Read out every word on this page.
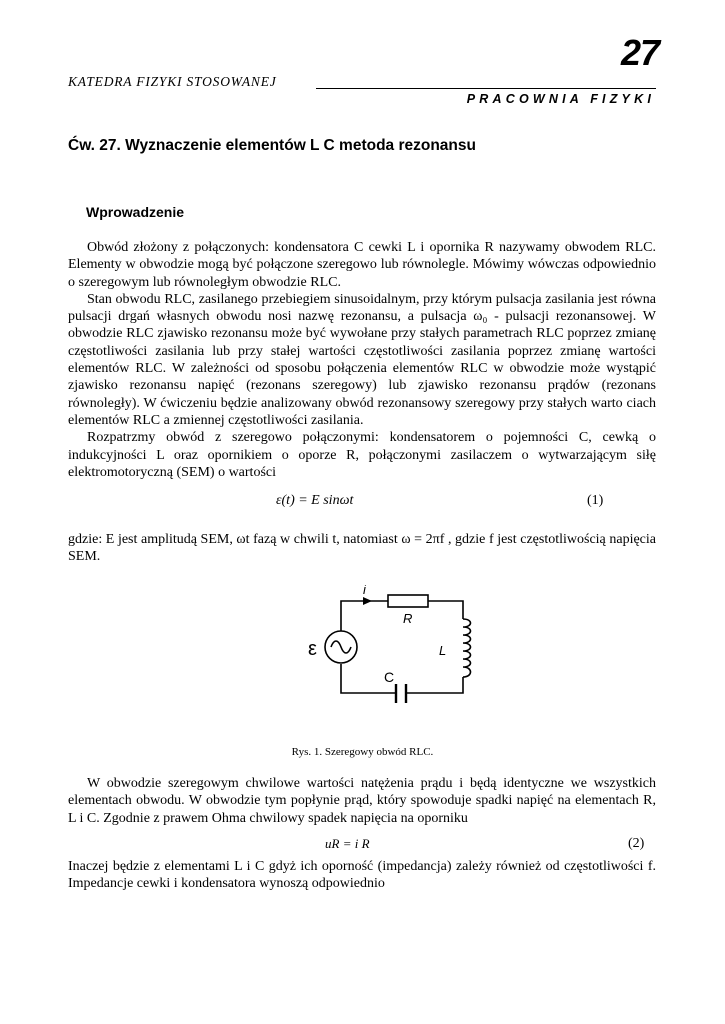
27
KATEDRA FIZYKI STOSOWANEJ
PRACOWNIA FIZYKI
Ćw. 27. Wyznaczenie elementów L C metoda rezonansu
Wprowadzenie

Obwód złożony z połączonych: kondensatora C cewki L i opornika R nazywamy obwodem RLC. Elementy w obwodzie mogą być połączone szeregowo lub równolegle. Mówimy wówczas odpowiednio o szeregowym lub równoległym obwodzie RLC.

Stan obwodu RLC, zasilanego przebiegiem sinusoidalnym, przy którym pulsacja zasilania jest równa pulsacji drgań własnych obwodu nosi nazwę rezonansu, a pulsacja ω₀ - pulsacji rezonansowej. W obwodzie RLC zjawisko rezonansu może być wywołane przy stałych parametrach RLC poprzez zmianę częstotliwości zasilania lub przy stałej wartości częstotliwości zasilania poprzez zmianę wartości elementów RLC. W zależności od sposobu połączenia elementów RLC w obwodzie może wystąpić zjawisko rezonansu napięć (rezonans szeregowy) lub zjawisko rezonansu prądów (rezonans równoległy). W ćwiczeniu będzie analizowany obwód rezonansowy szeregowy przy stałych warto ciach elementów RLC a zmiennej częstotliwości zasilania.

Rozpatrzmy obwód z szeregowo połączonymi: kondensatorem o pojemności C, cewką o indukcyjności L oraz opornikiem o oporze R, połączonymi zasilaczem o wytwarzającym siłę elektromotoryczną (SEM) o wartości

ε(t) = E sinωt	(1)

gdzie: E jest amplitudą SEM, ωt fazą w chwili t, natomiast ω = 2πf , gdzie f jest częstotliwością napięcia SEM.

i
R
L
C
ε
Rys. 1. Szeregowy obwód RLC.

W obwodzie szeregowym chwilowe wartości natężenia prądu i będą identyczne we wszystkich elementach obwodu. W obwodzie tym popłynie prąd, który spowoduje spadki napięć na elementach R, L i C. Zgodnie z prawem Ohma chwilowy spadek napięcia na oporniku

uR = i R	(2)

Inaczej będzie z elementami L i C gdyż ich oporność (impedancja) zależy również od częstotliwości f. Impedancje cewki i kondensatora wynoszą odpowiednio
